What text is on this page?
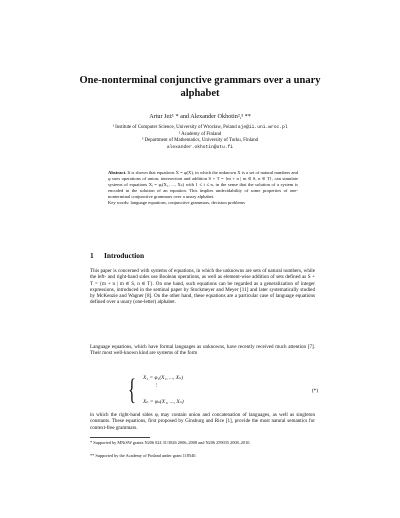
One-nonterminal conjunctive grammars over a unary alphabet
Artur Jeż¹ * and Alexander Okhotin²,³ **
¹ Institute of Computer Science, University of Wrocław, Poland aje@ii.uni.wroc.pl
² Academy of Finland
³ Department of Mathematics, University of Turku, Finland
alexander.okhotin@utu.fi
Abstract. It is shown that equations X = φ(X), in which the unknown X is a set of natural numbers and φ uses operations of union, intersection and addition S + T = {m + n | m ∈ S, n ∈ T}, can simulate systems of equations Xᵢ = φᵢ(X₁, ..., Xₙ) with 1 ≤ i ≤ n, in the sense that the solution of a system is encoded in the solution of an equation. This implies undecidability of some properties of one-nonterminal conjunctive grammars over a unary alphabet.
Key words: language equations, conjunctive grammars, decision problems
1 Introduction
This paper is concerned with systems of equations, in which the unknowns are sets of natural numbers, while the left- and right-hand sides use Boolean operations, as well as element-wise addition of sets defined as S + T = {m + n | m ∈ S, n ∈ T}. On one hand, such equations can be regarded as a generalization of integer expressions, introduced in the seminal paper by Stockmeyer and Meyer [11] and later systematically studied by McKenzie and Wagner [8]. On the other hand, these equations are a particular case of language equations defined over a unary (one-letter) alphabet.
Language equations, which have formal languages as unknowns, have recently received much attention [7]. Their most well-known kind are systems of the form
{ X₁ = φ₁(X₁, ..., Xₙ)
⋮
Xₙ = φₙ(X₁, ..., Xₙ)
(*)
in which the right-hand sides φᵢ may contain union and concatenation of languages, as well as singleton constants. These equations, first proposed by Ginsburg and Rice [1], provide the most natural semantics for context-free grammars.
* Supported by MNiSW grants N206 024 31/3826 2006–2008 and N206 259035 2008–2010.
** Supported by the Academy of Finland under grant 118540.
